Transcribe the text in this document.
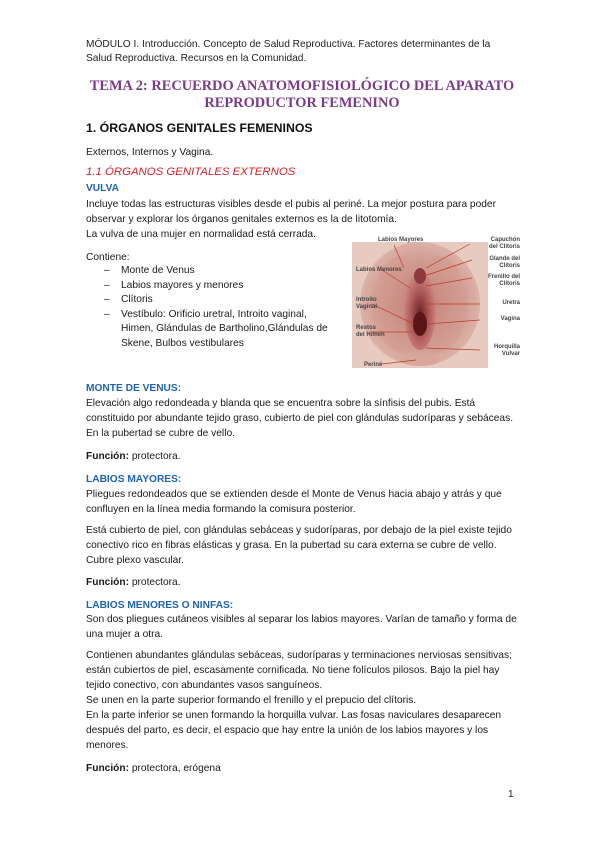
MÓDULO I. Introducción. Concepto de Salud Reproductiva. Factores determinantes de la
Salud Reproductiva. Recursos en la Comunidad.
TEMA 2: RECUERDO ANATOMOFISIOLÓGICO DEL APARATO
REPRODUCTOR FEMENINO
1. ÓRGANOS GENITALES FEMENINOS
Externos, Internos y Vagina.
1.1 ÓRGANOS GENITALES EXTERNOS
VULVA
Incluye todas las estructuras visibles desde el pubis al periné. La mejor postura para poder
observar y explorar los órganos genitales externos es la de litotomía.
La vulva de una mujer en normalidad está cerrada.
Contiene:
– Monte de Venus
– Labios mayores y menores
– Clítoris
– Vestíbulo: Orificio uretral, Introito vaginal, Himen, Glándulas de Bartholino,Glándulas de Skene, Bulbos vestibulares
Labios Mayores
Labios Menores
Introito Vaginal
Restos del Himen
Periné
Capuchón del Clítoris
Glande del Clítoris
Frenillo del Clítoris
Uretra
Vagina
Horquilla Vulvar
MONTE DE VENUS:
Elevación algo redondeada y blanda que se encuentra sobre la sínfisis del pubis. Está
constituido por abundante tejido graso, cubierto de piel con glándulas sudoríparas y sebáceas.
En la pubertad se cubre de vello.
Función: protectora.
LABIOS MAYORES:
Pliegues redondeados que se extienden desde el Monte de Venus hacia abajo y atrás y que
confluyen en la línea media formando la comisura posterior.
Está cubierto de piel, con glándulas sebáceas y sudoríparas, por debajo de la piel existe tejido
conectivo rico en fibras elásticas y grasa. En la pubertad su cara externa se cubre de vello.
Cubre plexo vascular.
Función: protectora.
LABIOS MENORES O NINFAS:
Son dos pliegues cutáneos visibles al separar los labios mayores. Varían de tamaño y forma de
una mujer a otra.
Contienen abundantes glándulas sebáceas, sudoríparas y terminaciones nerviosas sensitivas;
están cubiertos de piel, escasamente cornificada. No tiene folículos pilosos. Bajo la piel hay
tejido conectivo, con abundantes vasos sanguíneos.
Se unen en la parte superior formando el frenillo y el prepucio del clítoris.
En la parte inferior se unen formando la horquilla vulvar. Las fosas naviculares desaparecen
después del parto, es decir, el espacio que hay entre la unión de los labios mayores y los
menores.
Función: protectora, erógena
1
